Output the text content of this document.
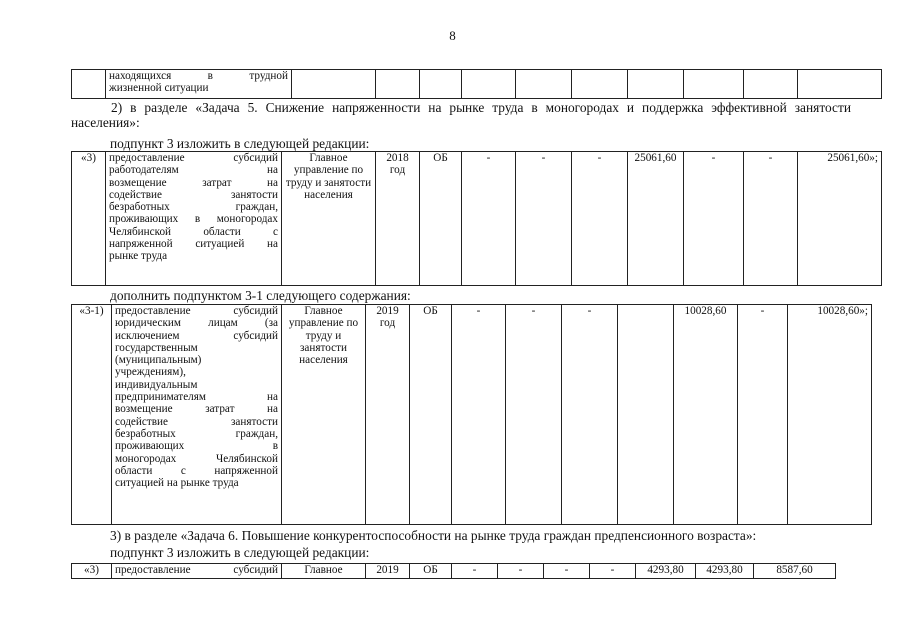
8

находящихся в трудной
жизненной ситуации

2) в разделе «Задача 5. Снижение напряженности на рынке труда в моногородах и поддержка эффективной занятости населения»:
подпункт 3 изложить в следующей редакции:
«3)	предоставление субсидий
работодателям на
возмещение затрат на
содействие занятости
безработных граждан,
проживающих в моногородах
Челябинской области с
напряженной ситуацией на
рынке труда
	Главное управление по труду и занятости населения	2018 год	ОБ	-	-	-	25061,60	-	-	25061,60»;
дополнить подпунктом 3-1 следующего содержания:
«3-1)	предоставление субсидий
юридическим лицам (за
исключением субсидий
государственным
(муниципальным)
учреждениям),
индивидуальным
предпринимателям на
возмещение затрат на
содействие занятости
безработных граждан,
проживающих в
моногородах Челябинской
области с напряженной
ситуацией на рынке труда
	Главное управление по труду и занятости населения	2019 год	ОБ	-	-	-		10028,60	-	10028,60»;
3) в разделе «Задача 6. Повышение конкурентоспособности на рынке труда граждан предпенсионного возраста»:
подпункт 3 изложить в следующей редакции:
«3)	предоставление субсидий	Главное	2019	ОБ	-	-	-	-	4293,80	4293,80	8587,60
